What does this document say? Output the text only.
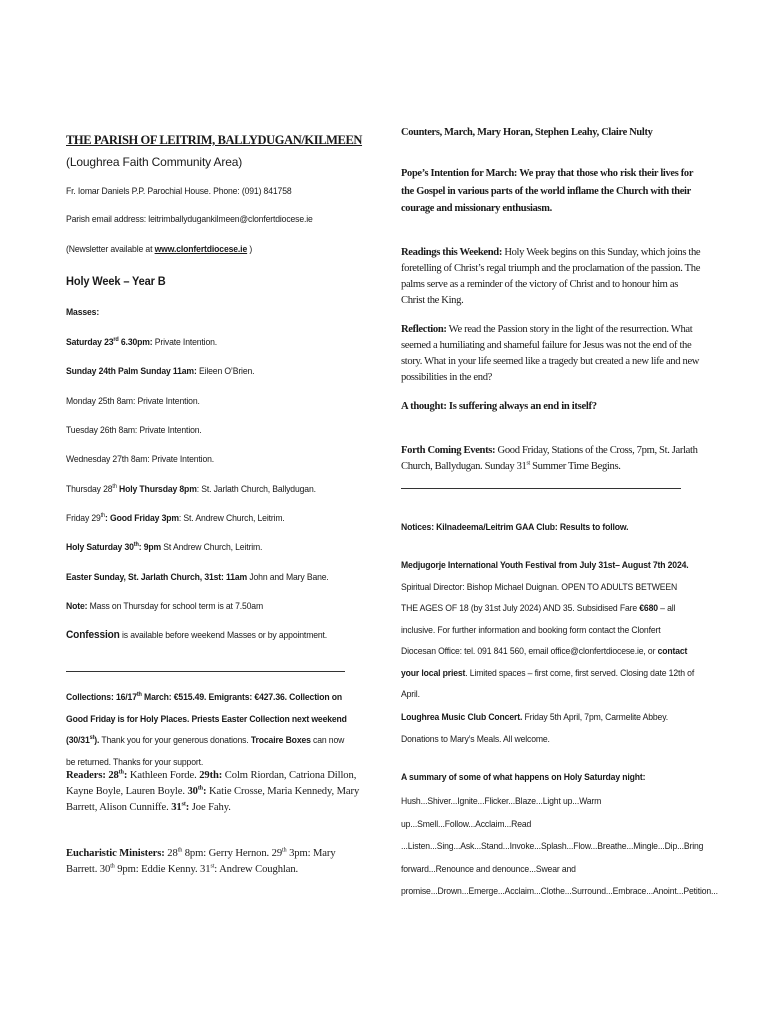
THE PARISH OF LEITRIM, BALLYDUGAN/KILMEEN (Loughrea Faith Community Area)

Fr. Iomar Daniels P.P. Parochial House. Phone: (091) 841758

Parish email address: leitrimballydugankilmeen@clonfertdiocese.ie

(Newsletter available at www.clonfertdiocese.ie )

Holy Week – Year B

Masses:

Saturday 23rd 6.30pm: Private Intention.

Sunday 24th Palm Sunday 11am: Eileen O’Brien.

Monday 25th 8am: Private Intention.

Tuesday 26th 8am: Private Intention.

Wednesday 27th 8am: Private Intention.

Thursday 28th Holy Thursday 8pm: St. Jarlath Church, Ballydugan.

Friday 29th: Good Friday 3pm: St. Andrew Church, Leitrim.

Holy Saturday 30th: 9pm St Andrew Church, Leitrim.

Easter Sunday, St. Jarlath Church, 31st: 11am John and Mary Bane.

Note: Mass on Thursday for school term is at 7.50am

Confession is available before weekend Masses or by appointment.

Collections: 16/17th March: €515.49. Emigrants: €427.36. Collection on Good Friday is for Holy Places. Priests Easter Collection next weekend (30/31st). Thank you for your generous donations. Trocaire Boxes can now be returned. Thanks for your support.

Readers: 28th: Kathleen Forde. 29th: Colm Riordan, Catriona Dillon, Kayne Boyle, Lauren Boyle. 30th: Katie Crosse, Maria Kennedy, Mary Barrett, Alison Cunniffe. 31st: Joe Fahy.

Eucharistic Ministers: 28th 8pm: Gerry Hernon. 29th 3pm: Mary Barrett. 30th 9pm: Eddie Kenny. 31st: Andrew Coughlan.

Counters, March, Mary Horan, Stephen Leahy, Claire Nulty

Pope’s Intention for March: We pray that those who risk their lives for the Gospel in various parts of the world inflame the Church with their courage and missionary enthusiasm.

Readings this Weekend: Holy Week begins on this Sunday, which joins the foretelling of Christ’s regal triumph and the proclamation of the passion. The palms serve as a reminder of the victory of Christ and to honour him as Christ the King.

Reflection: We read the Passion story in the light of the resurrection. What seemed a humiliating and shameful failure for Jesus was not the end of the story. What in your life seemed like a tragedy but created a new life and new possibilities in the end?

A thought: Is suffering always an end in itself?

Forth Coming Events: Good Friday, Stations of the Cross, 7pm, St. Jarlath Church, Ballydugan. Sunday 31st Summer Time Begins.

Notices: Kilnadeema/Leitrim GAA Club: Results to follow.

Medjugorje International Youth Festival from July 31st– August 7th 2024. Spiritual Director: Bishop Michael Duignan. OPEN TO ADULTS BETWEEN THE AGES OF 18 (by 31st July 2024) AND 35. Subsidised Fare €680 – all inclusive. For further information and booking form contact the Clonfert Diocesan Office: tel. 091 841 560, email office@clonfertdiocese.ie, or contact your local priest. Limited spaces – first come, first served. Closing date 12th of April.

Loughrea Music Club Concert. Friday 5th April, 7pm, Carmelite Abbey. Donations to Mary’s Meals. All welcome.

A summary of some of what happens on Holy Saturday night:

Hush...Shiver...Ignite...Flicker...Blaze...Light up...Warm up...Smell...Follow...Acclaim...Read ...Listen...Sing...Ask...Stand...Invoke...Splash...Flow...Breathe...Mingle...Dip...Bring forward...Renounce and denounce...Swear and promise...Drown...Emerge...Acclaim...Clothe...Surround...Embrace...Anoint...Petition...
